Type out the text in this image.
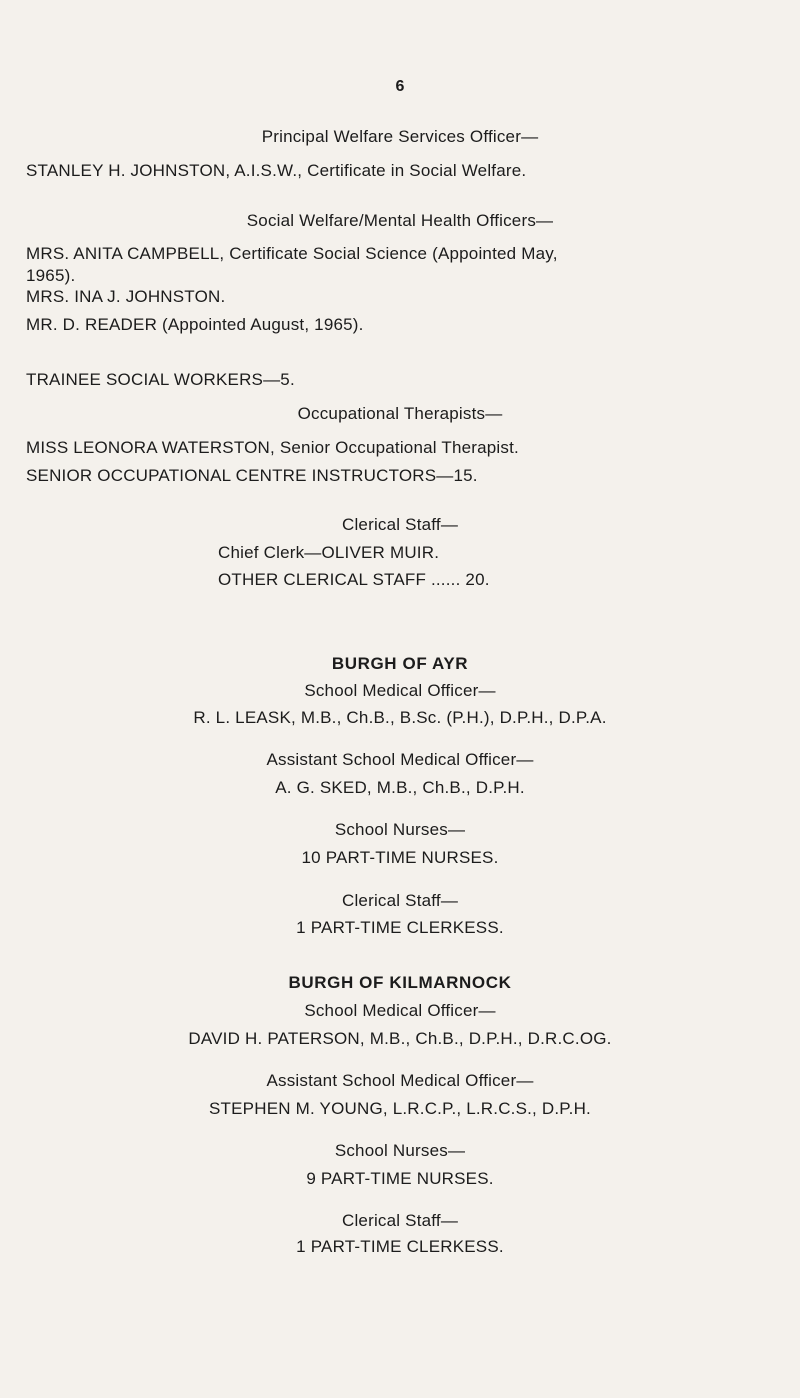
6
Principal Welfare Services Officer—
STANLEY H. JOHNSTON, A.I.S.W., Certificate in Social Welfare.
Social Welfare/Mental Health Officers—
MRS. ANITA CAMPBELL, Certificate Social Science (Appointed May,
1965).
MRS. INA J. JOHNSTON.
MR. D. READER (Appointed August, 1965).
TRAINEE SOCIAL WORKERS—5.
Occupational Therapists—
MISS LEONORA WATERSTON, Senior Occupational Therapist.
SENIOR OCCUPATIONAL CENTRE INSTRUCTORS—15.
Clerical Staff—
Chief Clerk—OLIVER MUIR.
OTHER CLERICAL STAFF ...... 20.
BURGH OF AYR
School Medical Officer—
R. L. LEASK, M.B., Ch.B., B.Sc. (P.H.), D.P.H., D.P.A.
Assistant School Medical Officer—
A. G. SKED, M.B., Ch.B., D.P.H.
School Nurses—
10 PART-TIME NURSES.
Clerical Staff—
1 PART-TIME CLERKESS.
BURGH OF KILMARNOCK
School Medical Officer—
DAVID H. PATERSON, M.B., Ch.B., D.P.H., D.R.C.OG.
Assistant School Medical Officer—
STEPHEN M. YOUNG, L.R.C.P., L.R.C.S., D.P.H.
School Nurses—
9 PART-TIME NURSES.
Clerical Staff—
1 PART-TIME CLERKESS.
